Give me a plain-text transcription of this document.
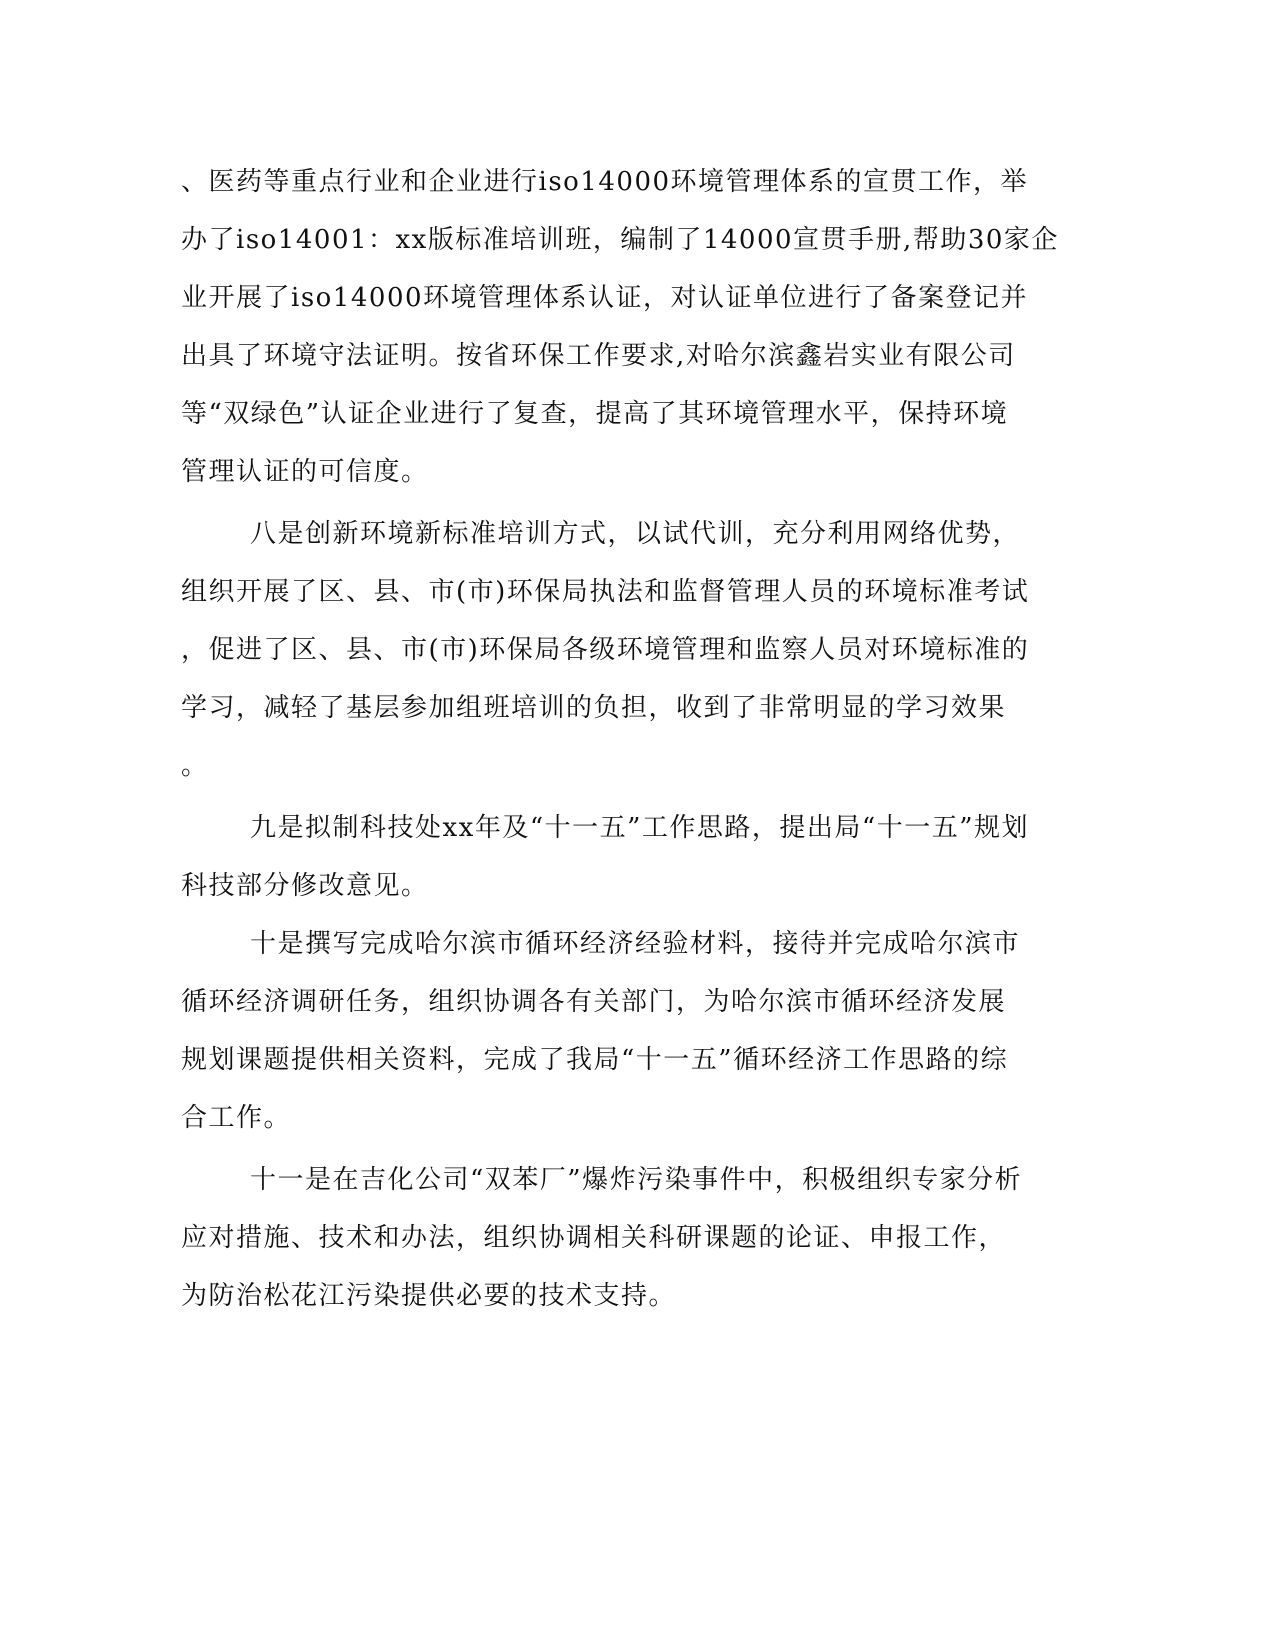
、医药等重点行业和企业进行iso14000环境管理体系的宣贯工作，举
办了iso14001：xx版标准培训班，编制了14000宣贯手册,帮助30家企
业开展了iso14000环境管理体系认证，对认证单位进行了备案登记并
出具了环境守法证明。按省环保工作要求,对哈尔滨鑫岩实业有限公司
等“双绿色”认证企业进行了复查，提高了其环境管理水平，保持环境
管理认证的可信度。
八是创新环境新标准培训方式，以试代训，充分利用网络优势，
组织开展了区、县、市(市)环保局执法和监督管理人员的环境标准考试
，促进了区、县、市(市)环保局各级环境管理和监察人员对环境标准的
学习，减轻了基层参加组班培训的负担，收到了非常明显的学习效果
。
九是拟制科技处xx年及“十一五”工作思路，提出局“十一五”规划
科技部分修改意见。
十是撰写完成哈尔滨市循环经济经验材料，接待并完成哈尔滨市
循环经济调研任务，组织协调各有关部门，为哈尔滨市循环经济发展
规划课题提供相关资料，完成了我局“十一五”循环经济工作思路的综
合工作。
十一是在吉化公司“双苯厂”爆炸污染事件中，积极组织专家分析
应对措施、技术和办法，组织协调相关科研课题的论证、申报工作，
为防治松花江污染提供必要的技术支持。
